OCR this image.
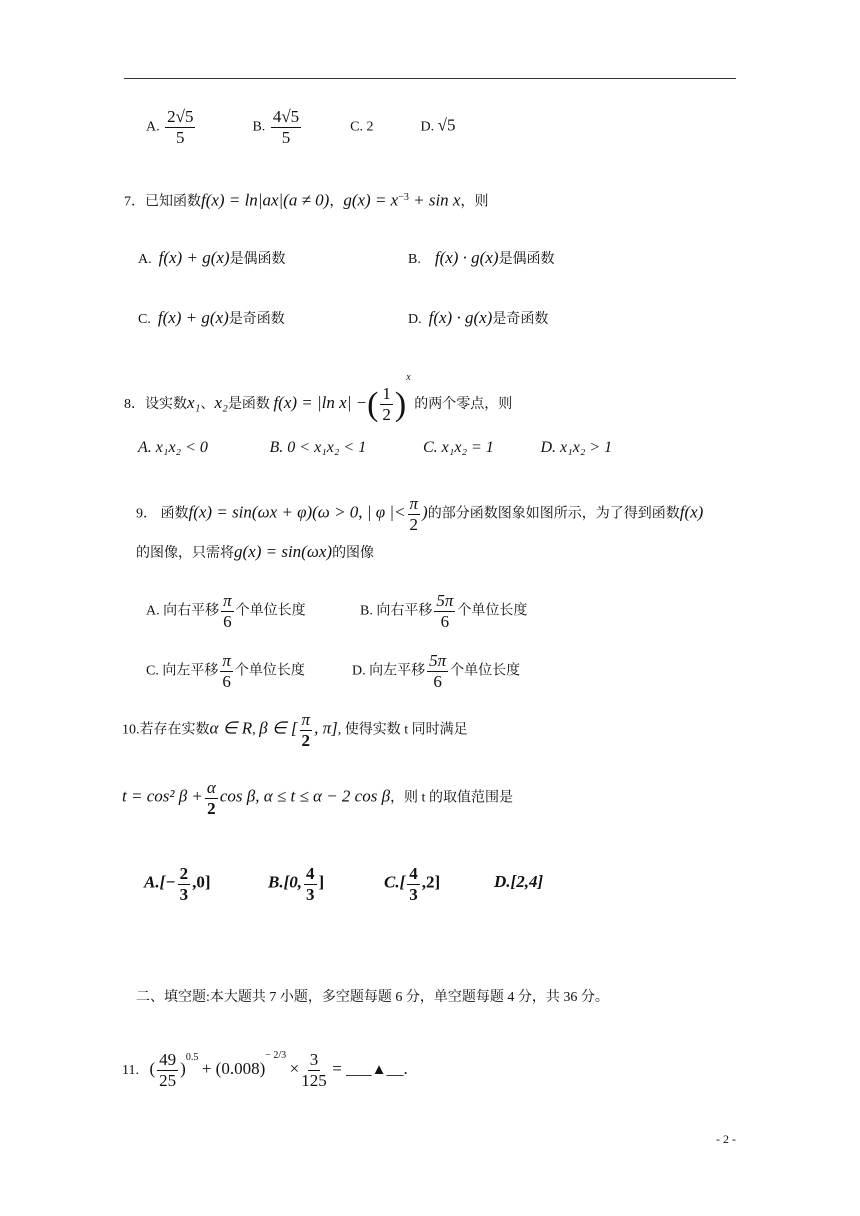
A. $\frac{2√5}{5}$	B. $\frac{4√5}{5}$	C. 2	D. √5
7．已知函数f(x) = ln|ax|(a ≠ 0)，$g(x) = x^{-3} + \sin x$，则
A. f(x) + g(x)是偶函数	B. f(x) · g(x)是偶函数
C. f(x) + g(x)是奇函数	D. f(x) · g(x)是奇函数
8．设实数x₁、x₂是函数 f(x) = |ln x| −( $\frac{1}{2} )^x$ 的两个零点，则
A. x₁x₂ < 0	B. 0 < x₁x₂ < 1	C. x₁x₂ = 1	D. x₁x₂ > 1
9． 函数f(x) = sin(ωx + φ)(ω > 0, | φ |< $\frac{\pi}{2}$ )的部分函数图象如图所示，为了得到函数f(x)
的图像，只需将g(x) = sin(ωx)的图像
A. 向右平移 $\frac{\pi}{6}$ 个单位长度	B. 向右平移 $\frac{5\pi}{6}$ 个单位长度
C. 向左平移 $\frac{\pi}{6}$ 个单位长度	D. 向左平移 $\frac{5\pi}{6}$ 个单位长度
10.若存在实数α ∈ R, β ∈ [ $\frac{\pi}{2}$ , π], 使得实数 t 同时满足
t = cos² $\beta + \frac{\alpha}{2}$ cos β, α ≤ t ≤ α − 2 cos β，则 t 的取值范围是
$A.[- \frac{2}{3} ,0]$	B.[0, $\frac{4}{3}$ ]	$C.[ \frac{4}{3} ,2]$	D.[2,4]
二、填空题:本大题共 7 小题，多空题每题 6 分，单空题每题 4 分，共 36 分。
11. ( $\frac{49}{25} )^{0.5} + (0.008)^{- 2/3} \times \frac{3}{125}$ = ___▲__.
- 2 -
